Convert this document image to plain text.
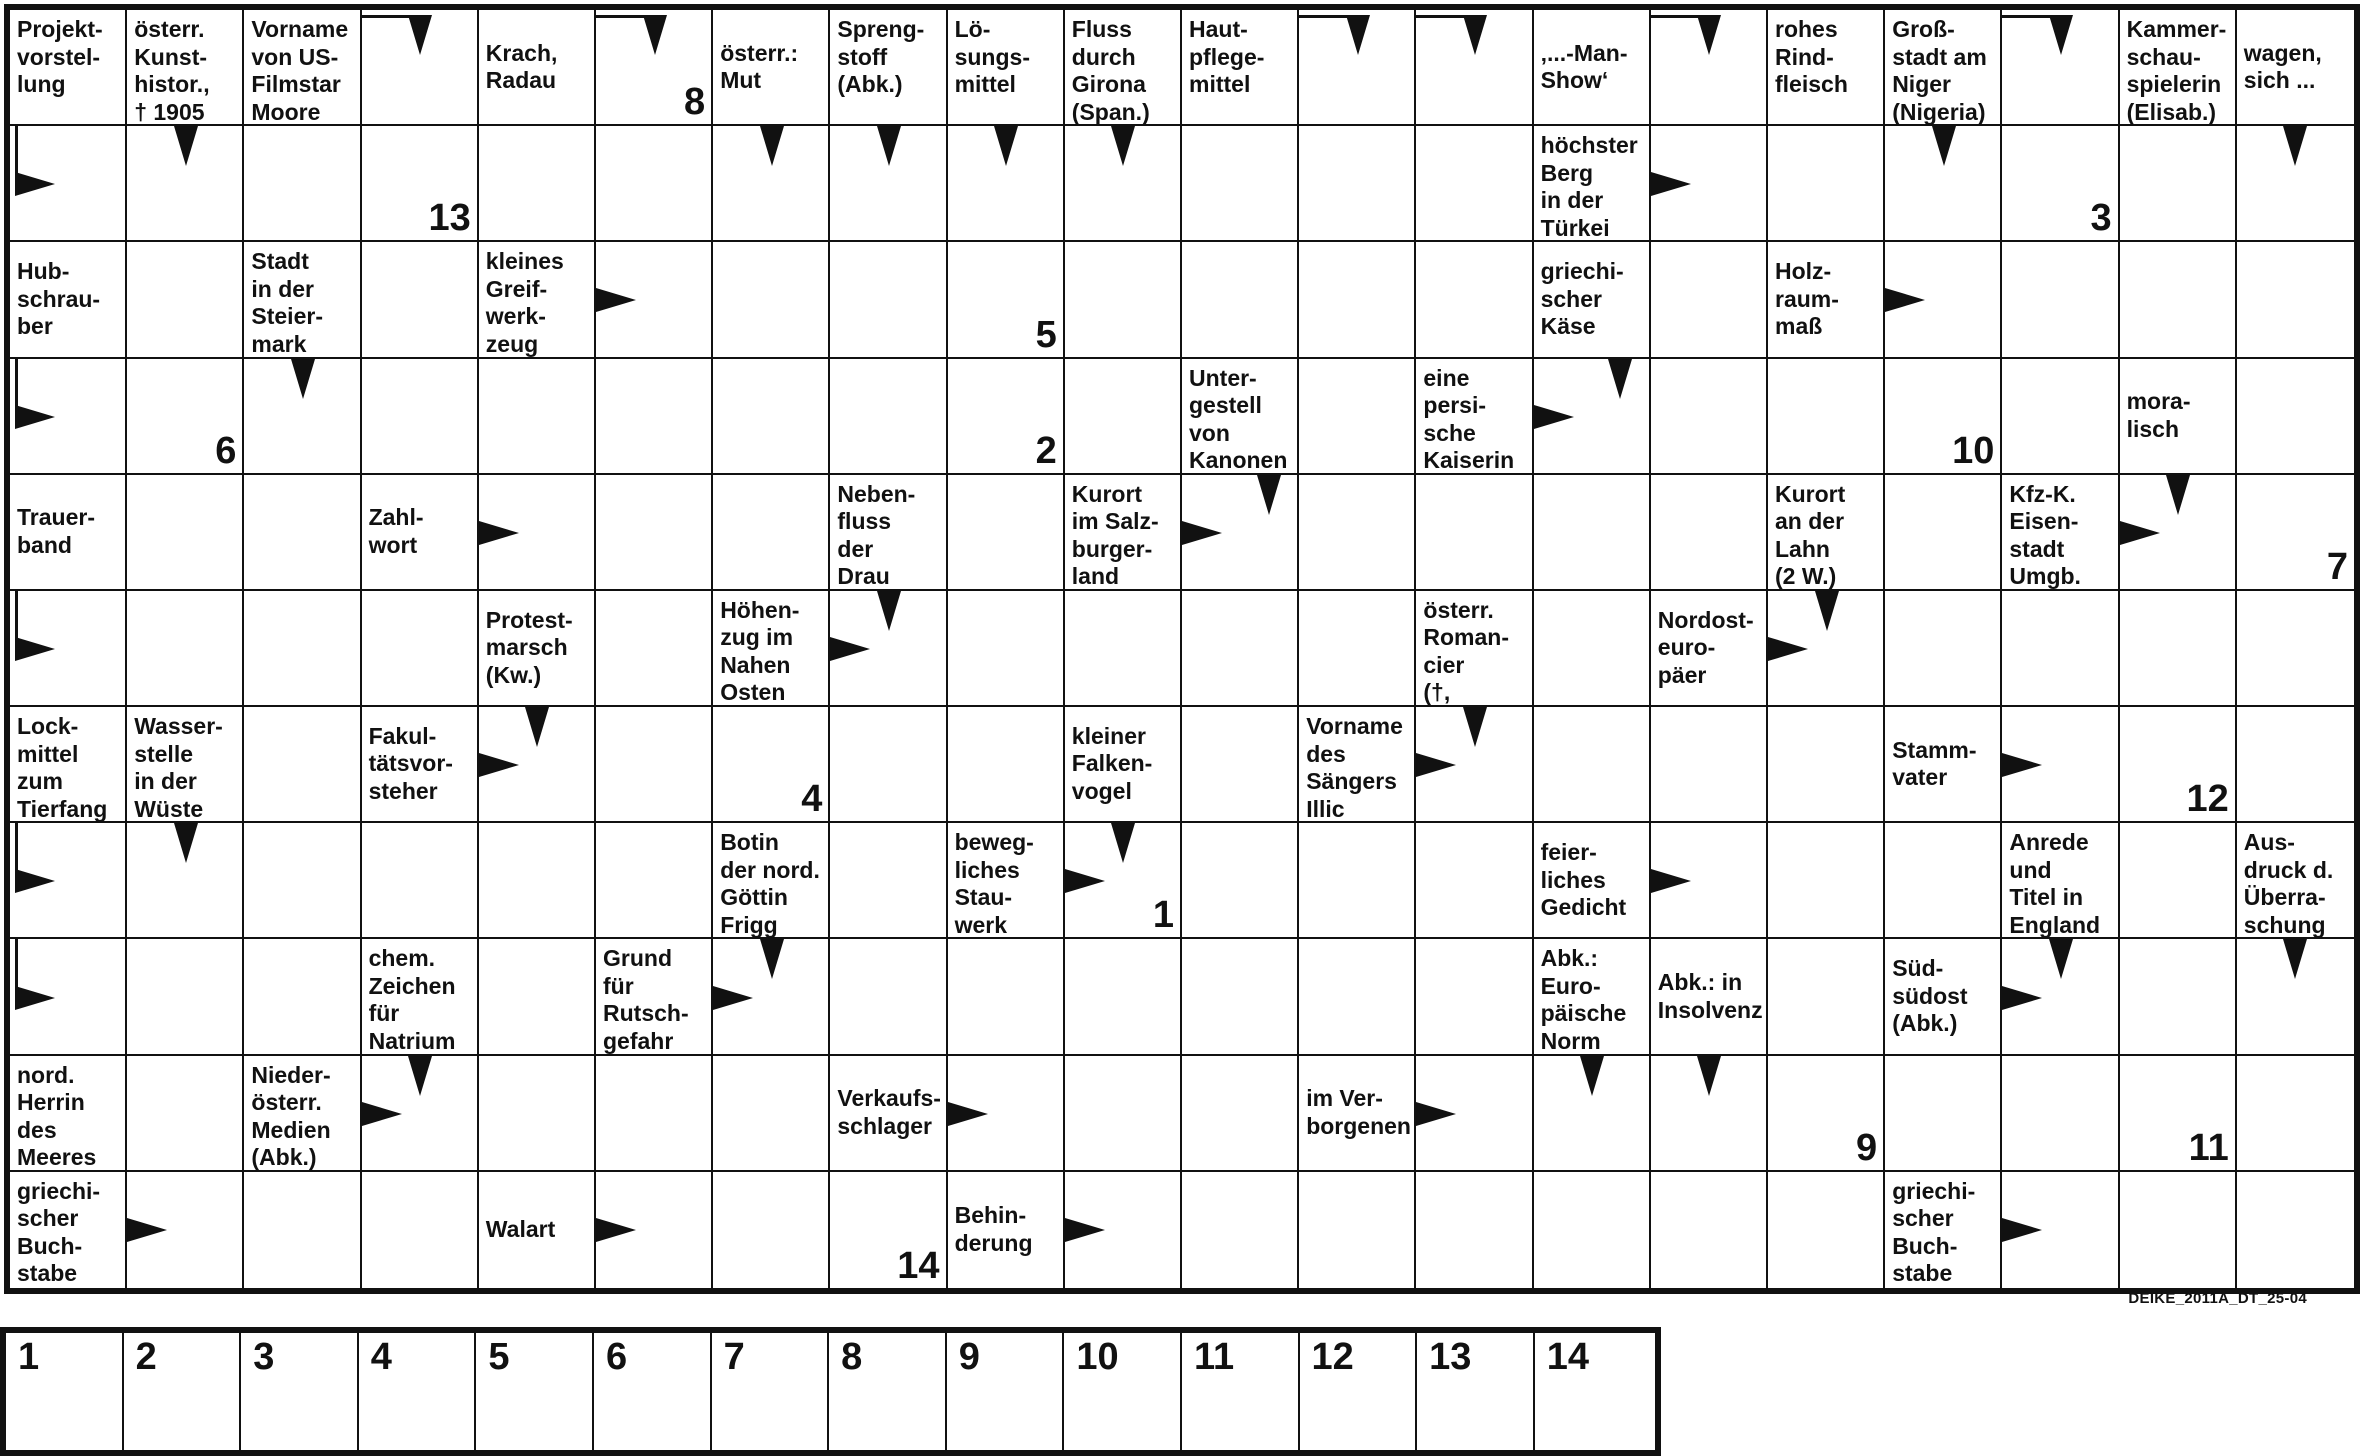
Projekt-
vorstel-
lung
österr.
Kunst-
histor.,
† 1905
Vorname
von US-
Filmstar
Moore
Krach,
Radau
8
österr.:
Mut
Spreng-
stoff
(Abk.)
Lö-
sungs-
mittel
Fluss
durch
Girona
(Span.)
Haut-
pflege-
mittel
‚...-Man-
Show‘
rohes
Rind-
fleisch
Groß-
stadt am
Niger
(Nigeria)
Kammer-
schau-
spielerin
(Elisab.)
wagen,
sich ...
13
höchster
Berg
in der
Türkei	3
Hub-
schrau-
ber
Stadt
in der
Steier-
mark
kleines
Greif-
werk-
zeug	5
griechi-
scher
Käse
Holz-
raum-
maß
6	2
Unter-
gestell
von
Kanonen
eine
persi-
sche
Kaiserin	10
mora-
lisch
Trauer-
band
Zahl-
wort
Neben-
fluss
der
Drau
Kurort
im Salz-
burger-
land
Kurort
an der
Lahn
(2 W.)
Kfz-K.
Eisen-
stadt
Umgb.	7
Protest-
marsch
(Kw.)
Höhen-
zug im
Nahen
Osten
österr.
Roman-
cier
(†,
Nordost-
euro-
päer
Lock-
mittel
zum
Tierfang
Wasser-
stelle
in der
Wüste
Fakul-
tätsvor-
steher	4
kleiner
Falken-
vogel
Vorname
des
Sängers
Illic
Stamm-
vater
12
Botin
der nord.
Göttin
Frigg
beweg-
liches
Stau-
werk	1
feier-
liches
Gedicht
Anrede
und
Titel in
England
Aus-
druck d.
Überra-
schung
chem.
Zeichen
für
Natrium
Grund
für
Rutsch-
gefahr
Abk.:
Euro-
päische
Norm
Abk.: in
Insolvenz
Süd-
südost
(Abk.)
nord.
Herrin
des
Meeres
Nieder-
österr.
Medien
(Abk.)
Verkaufs-
schlager
im Ver-
borgenen
9	11
griechi-
scher
Buch-
stabe
Walart
14
Behin-
derung
griechi-
scher
Buch-
stabe
DEIKE_2011A_DT_25-04
1	2	3	4	5	6	7	8	9	10 11 12 13 14
